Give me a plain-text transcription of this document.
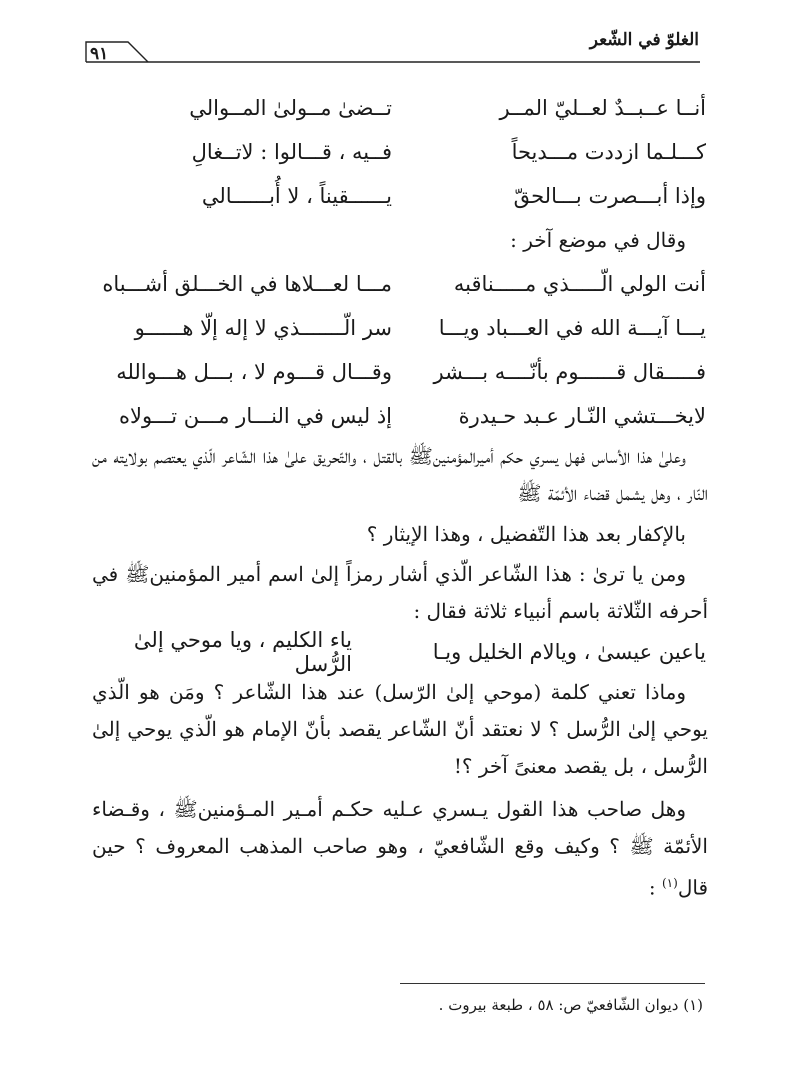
الغلوّ في الشّعر
٩١
أنــا عــبــدٌ لعــليّ المــر
تــضىٰ مــولىٰ المــوالي
كـــلـما ازددت مـــديحاً
فــيه ، قـــالوا : لاتــغالِ
وإذا أبـــصرت بـــالحقّ
يــــــقيناً ، لا أُبــــــالي
وقال في موضع آخر :
أنت الولي الّـــــذي مـــــناقبه
مـــا لعـــلاها في الخـــلق أشـــباه
يـــا آيـــة الله في العـــباد ويـــا
سر الّـــــــذي لا إله إلّا هــــــو
فـــــقال قــــــوم بأنّــــه بـــشر
وقـــال قـــوم لا ، بـــل هـــوالله
لايخـــتشي النّـار عـبد حـيدرة
إذ ليس في النـــار مـــن تـــولاه

وعلىٰ هذا الأساس فهل يسري حكم أميرالمؤمنينﷺ بالقتل ، والتّحريق علىٰ هذا الشّاعر الّذي يعتصم بولايته من النّار ، وهل يشمل قضاء الأئمّة ﷺ

بالإكفار بعد هذا التّفضيل ، وهذا الإيثار ؟

ومن يا ترىٰ : هذا الشّاعر الّذي أشار رمزاً إلىٰ اسم أمير المؤمنينﷺ في أحرفه الثّلاثة باسم أنبياء ثلاثة فقال :

ياعين عيسىٰ ، ويالام الخليل ويـا
ياء الكليم ، ويا موحي إلىٰ الرُّسل

وماذا تعني كلمة (موحي إلىٰ الرّسل) عند هذا الشّاعر ؟ ومَن هو الّذي يوحي إلىٰ الرُّسل ؟ لا نعتقد أنّ الشّاعر يقصد بأنّ الإمام هو الّذي يوحي إلىٰ الرُّسل ، بل يقصد معنىً آخر ؟!

وهل صاحب هذا القول يـسري عـليه حكـم أمـير المـؤمنينﷺ ، وقـضاء الأئمّة ﷺ ؟ وكيف وقع الشّافعيّ ، وهو صاحب المذهب المعروف ؟ حين قال$^{(١)}$ :

(١) ديوان الشّافعيّ ص: ٥٨ ، طبعة بيروت .
